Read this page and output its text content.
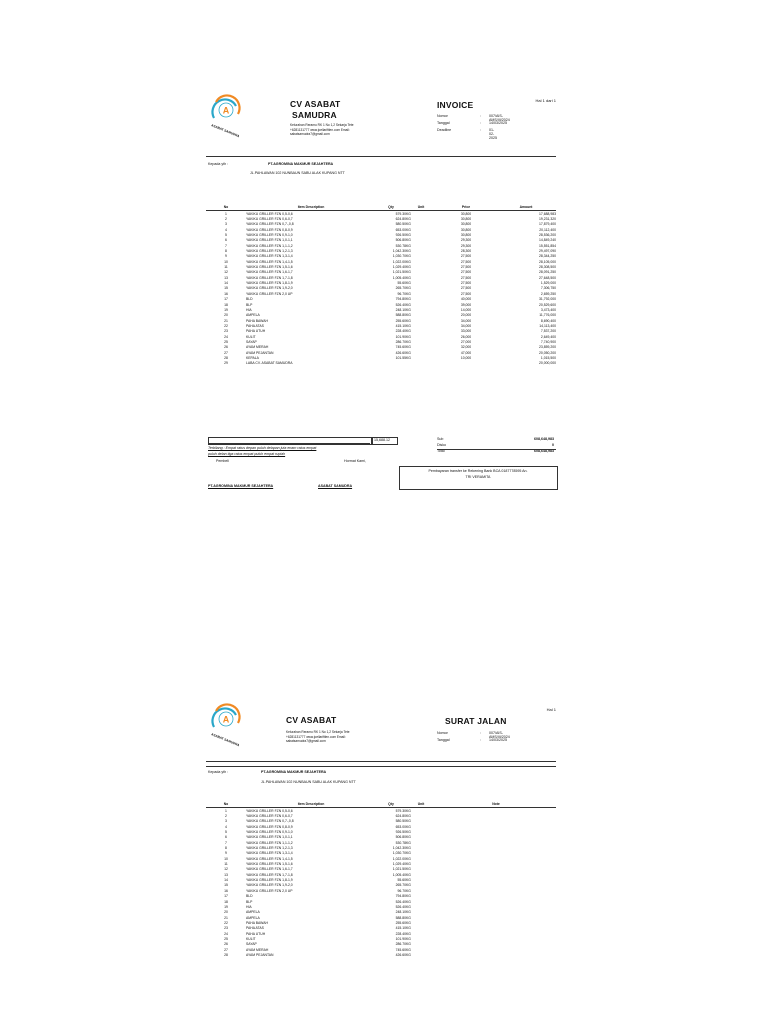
Hal 1 dari 1
A
ASABAT SAMUDRA
CV ASABAT
SAMUDRA
Kelurahan Reramu RK 1 No 1,2 Sekarja Tete
+6281131777 www.joellariftlen.com Email:
sabatsamudra7@gmail.com
INVOICE
Nomor	: 007/AIS-AMS/III/2024
Tanggal	: 14/03/2025
Deadline	: 01-02-2025
Kepada yth :	PT.AGROMINA MAKMUR SEJAHTERA
JL.PAHLAWAN 102 NUNBAUN SABU ALAK KUPANG NTT
No	Item Description	Qty	Unit	Price	Amount
1	YAKIKU GRILLER FZN 0,5-0,6	579.30	KG	30,800	17,688,983
2	YAKIKU GRILLER FZN 0,6-0,7	624.80	KG	30,800	19,231,320
3	YAKIKU GRILLER FZN 0,7-,0,8	580.50	KG	30,800	17,879,400
4	YAKIKU GRILLER FZN 0,8-0,9	653.00	KG	30,800	20,112,400
5	YAKIKU GRILLER FZN 0,9-1,0	926.50	KG	30,800	28,536,200
6	YAKIKU GRILLER FZN 1,0-1,1	506.80	KG	29,300	14,849,240
7	YAKIKU GRILLER FZN 1,1-1,2	530.78	KG	29,300	15,551,854
8	YAKIKU GRILLER FZN 1,2-1,3	1,042.30	KG	28,300	29,497,090
9	YAKIKU GRILLER FZN 1,3-1,4	1,030.70	KG	27,500	28,344,250
10	YAKIKU GRILLER FZN 1,4-1,5	1,022.00	KG	27,500	28,105,000
11	YAKIKU GRILLER FZN 1,5-1,6	1,029.40	KG	27,500	28,308,500
12	YAKIKU GRILLER FZN 1,6-1,7	1,021.50	KG	27,500	28,091,250
13	YAKIKU GRILLER FZN 1,7-1,8	1,005.40	KG	27,500	27,648,500
14	YAKIKU GRILLER FZN 1,8-1,9	55.60	KG	27,500	1,529,000
15	YAKIKU GRILLER FZN 1,9-2,0	265.70	KG	27,500	7,306,750
16	YAKIKU GRILLER FZN 2,0 UP	96.70	KG	27,500	2,659,250
17	BLD	794.80	KG	40,000	31,792,000
18	BLP	526.40	KG	39,000	20,529,600
19	HIA	248.10	KG	14,000	3,473,400
20	AMPELA	588.80	KG	20,000	11,776,000
21	PAHA BAWAH	255.60	KG	34,000	8,690,400
22	PAHA ATAS	415.10	KG	34,000	14,113,400
23	PAHA UTUH	228.40	KG	33,000	7,537,200
24	KULIT	101.90	KG	26,000	2,649,400
25	SAYAP	286.70	KG	27,000	7,740,900
26	AYAM MERAH	745.60	KG	32,000	23,859,200
27	AYAM PEJANTAN	426.60	KG	47,000	20,050,200
28	KEPALA	101.55	KG	10,000	1,015,500
29	LABA CV. ASABAT SAMUDRA				20,000,000
15,688.12	Sub	608,648,983
Disko	0
Total	608,648,983
Terbilang : Empat ratus depan puluh delapan juta enam ratus empat
puluh delan tiga ratus empat puluh empat rupiah
Pembeli	Hormat Kami,
Pembayaran transfer ke Rekening Bank BCA 0187778595 An.
TRI VERAMITA
PT.AGROMINA MAKMUR SEJAHTERA	ASABAT SAMUDRA
Hal 1
A
ASABAT SAMUDRA
CV ASABAT
Kelurahan Reramu RK 1 No 1,2 Sekarja Tete
+6281131777 www.joellariftlen.com Email:
sabatsamudra7@gmail.com
SURAT JALAN
Nomor	: 007/AIS-AMS/III/2024
Tanggal	: 14/03/2025
Kepada yth :	PT.AGROMINA MAKMUR SEJAHTERA
JL.PAHLAWAN 102 NUNBAUN SABU ALAK KUPANG NTT
No	Item Description	Qty	Unit	Note
1	YAKIKU GRILLER FZN 0,5-0,6	579.30	KG	
2	YAKIKU GRILLER FZN 0,6-0,7	624.80	KG	
3	YAKIKU GRILLER FZN 0,7-,0,8	580.50	KG	
4	YAKIKU GRILLER FZN 0,8-0,9	653.00	KG	
5	YAKIKU GRILLER FZN 0,9-1,0	926.50	KG	
6	YAKIKU GRILLER FZN 1,0-1,1	506.80	KG	
7	YAKIKU GRILLER FZN 1,1-1,2	530.78	KG	
8	YAKIKU GRILLER FZN 1,2-1,3	1,042.30	KG	
9	YAKIKU GRILLER FZN 1,3-1,4	1,030.70	KG	
10	YAKIKU GRILLER FZN 1,4-1,5	1,022.00	KG	
11	YAKIKU GRILLER FZN 1,5-1,6	1,029.40	KG	
12	YAKIKU GRILLER FZN 1,6-1,7	1,021.50	KG	
13	YAKIKU GRILLER FZN 1,7-1,8	1,005.40	KG	
14	YAKIKU GRILLER FZN 1,8-1,9	55.60	KG	
15	YAKIKU GRILLER FZN 1,9-2,0	265.70	KG	
16	YAKIKU GRILLER FZN 2,0 UP	96.70	KG	
17	BLD	794.80	KG	
18	BLP	526.40	KG	
19	HIA	526.40	KG	
20	AMPELA	248.10	KG	
21	AMPELA	588.80	KG	
22	PAHA BAWAH	255.60	KG	
23	PAHA ATAS	415.10	KG	
24	PAHA UTUH	228.40	KG	
25	KULIT	101.90	KG	
26	SAYAP	286.70	KG	
27	AYAM MERAH	745.60	KG	
28	AYAM PEJANTAN	426.60	KG	
